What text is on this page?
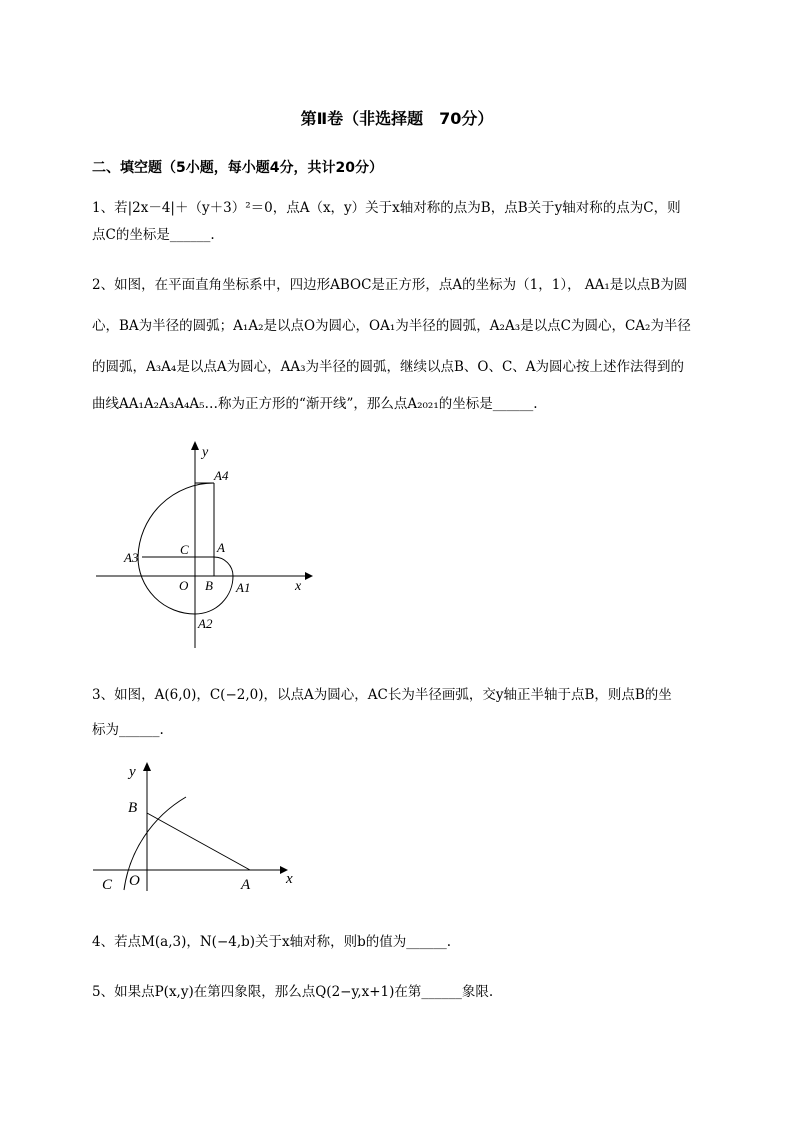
第Ⅱ卷（非选择题　70分）
二、填空题（5小题，每小题4分，共计20分）
1、若|2x－4|＋（y＋3）²＝0，点A（x，y）关于x轴对称的点为B，点B关于y轴对称的点为C，则
点C的坐标是______.
2、如图，在平面直角坐标系中，四边形ABOC是正方形，点A的坐标为（1，1）， AA₁是以点B为圆
心，BA为半径的圆弧；A₁A₂是以点O为圆心，OA₁为半径的圆弧，A₂A₃是以点C为圆心，CA₂为半径
的圆弧，A₃A₄是以点A为圆心，AA₃为半径的圆弧，继续以点B、O、C、A为圆心按上述作法得到的
曲线AA₁A₂A₃A₄A₅…称为正方形的“渐开线”，那么点A₂₀₂₁的坐标是______.
y
x
A4
C A
A3
O B A1
A2
3、如图，A(6,0)，C(−2,0)，以点A为圆心，AC长为半径画弧，交y轴正半轴于点B，则点B的坐
标为______.
y
x
B
C O	A
4、若点M(a,3)，N(−4,b)关于x轴对称，则b的值为______.
5、如果点P(x,y)在第四象限，那么点Q(2−y,x+1)在第______象限.
